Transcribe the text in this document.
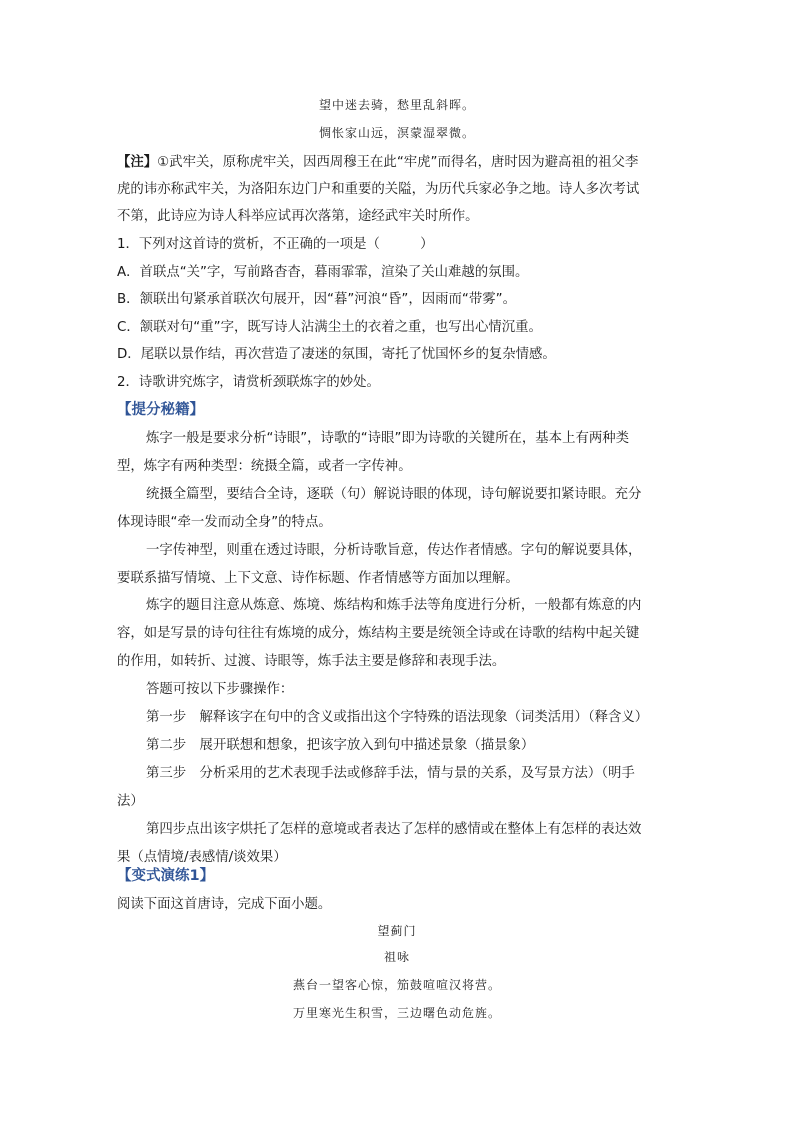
望中迷去骑，愁里乱斜晖。
惆怅家山远，溟蒙湿翠微。
【注】①武牢关，原称虎牢关，因西周穆王在此“牢虎”而得名，唐时因为避高祖的祖父李
虎的讳亦称武牢关，为洛阳东边门户和重要的关隘，为历代兵家必争之地。诗人多次考试
不第，此诗应为诗人科举应试再次落第，途经武牢关时所作。
1．下列对这首诗的赏析，不正确的一项是（　　　）
A．首联点“关”字，写前路杳杳，暮雨霏霏，渲染了关山难越的氛围。
B．颔联出句紧承首联次句展开，因“暮”河浪“昏”，因雨而“带雾”。
C．颔联对句“重”字，既写诗人沾满尘土的衣着之重，也写出心情沉重。
D．尾联以景作结，再次营造了凄迷的氛围，寄托了忧国怀乡的复杂情感。
2．诗歌讲究炼字，请赏析颈联炼字的妙处。
【提分秘籍】
炼字一般是要求分析“诗眼”，诗歌的“诗眼”即为诗歌的关键所在，基本上有两种类
型，炼字有两种类型：统摄全篇，或者一字传神。
统摄全篇型，要结合全诗，逐联（句）解说诗眼的体现，诗句解说要扣紧诗眼。充分
体现诗眼“牵一发而动全身”的特点。
一字传神型，则重在透过诗眼，分析诗歌旨意，传达作者情感。字句的解说要具体，
要联系描写情境、上下文意、诗作标题、作者情感等方面加以理解。
炼字的题目注意从炼意、炼境、炼结构和炼手法等角度进行分析，一般都有炼意的内
容，如是写景的诗句往往有炼境的成分，炼结构主要是统领全诗或在诗歌的结构中起关键
的作用，如转折、过渡、诗眼等，炼手法主要是修辞和表现手法。
答题可按以下步骤操作：
第一步　解释该字在句中的含义或指出这个字特殊的语法现象（词类活用）（释含义）
第二步　展开联想和想象，把该字放入到句中描述景象（描景象）
第三步　分析采用的艺术表现手法或修辞手法，情与景的关系，及写景方法）（明手
法）
第四步点出该字烘托了怎样的意境或者表达了怎样的感情或在整体上有怎样的表达效
果（点情境/表感情/谈效果）
【变式演练1】
阅读下面这首唐诗，完成下面小题。
望蓟门
祖咏
燕台一望客心惊，笳鼓喧喧汉将营。
万里寒光生积雪，三边曙色动危旌。
